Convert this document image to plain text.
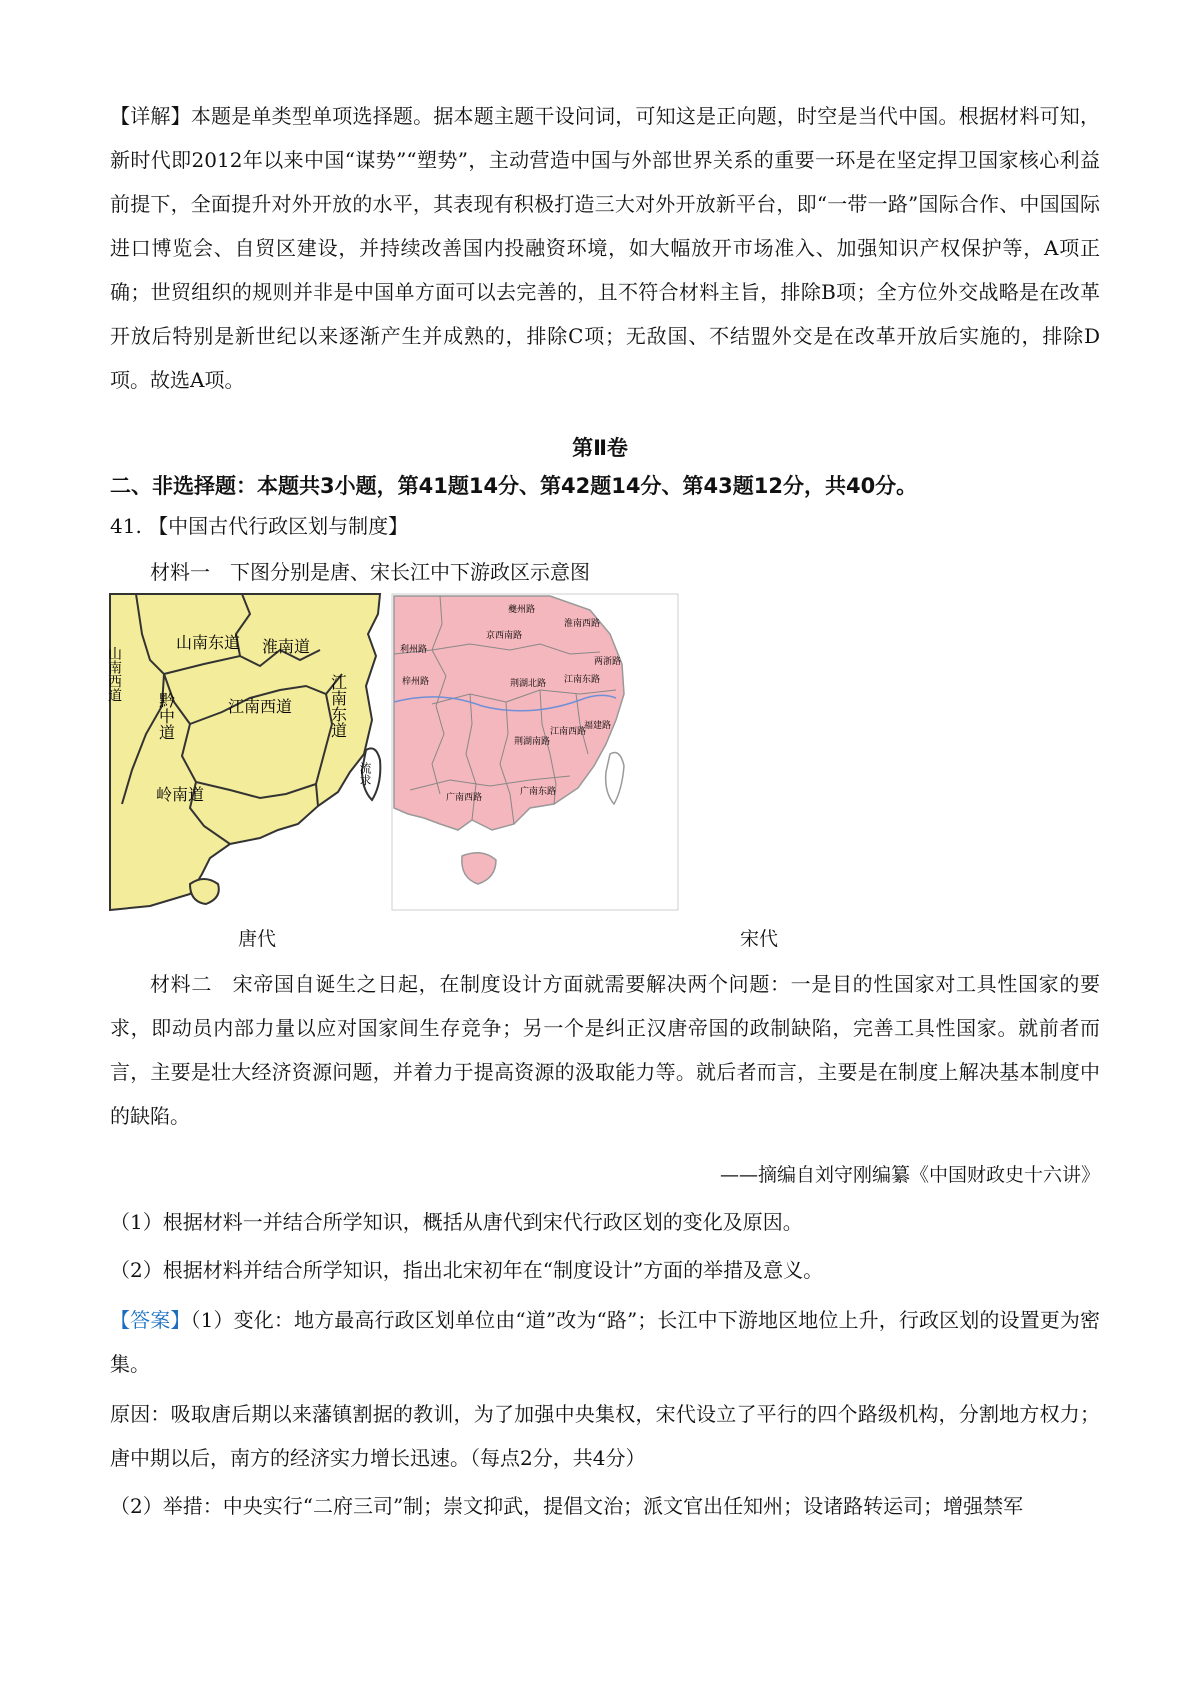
【详解】本题是单类型单项选择题。据本题主题干设问词，可知这是正向题，时空是当代中国。根据材料可知，新时代即2012年以来中国“谋势”“塑势”，主动营造中国与外部世界关系的重要一环是在坚定捍卫国家核心利益前提下，全面提升对外开放的水平，其表现有积极打造三大对外开放新平台，即“一带一路”国际合作、中国国际进口博览会、自贸区建设，并持续改善国内投融资环境，如大幅放开市场准入、加强知识产权保护等，A项正确；世贸组织的规则并非是中国单方面可以去完善的，且不符合材料主旨，排除B项；全方位外交战略是在改革开放后特别是新世纪以来逐渐产生并成熟的，排除C项；无敌国、不结盟外交是在改革开放后实施的，排除D项。故选A项。

第Ⅱ卷

二、非选择题：本题共3小题，第41题14分、第42题14分、第43题12分，共40分。

41. 【中国古代行政区划与制度】

材料一　下图分别是唐、宋长江中下游政区示意图

山南西道
山南东道 淮南道
江南东道
黔中道	江南西道
岭南道
流求
夔州路
京西南路
淮南西路
利州路
梓州路	荆湖北路 江南东路
两浙路
荆湖南路
江南西路
福建路
广南西路
广南东路
唐代	宋代

材料二　宋帝国自诞生之日起，在制度设计方面就需要解决两个问题：一是目的性国家对工具性国家的要求，即动员内部力量以应对国家间生存竞争；另一个是纠正汉唐帝国的政制缺陷，完善工具性国家。就前者而言，主要是壮大经济资源问题，并着力于提高资源的汲取能力等。就后者而言，主要是在制度上解决基本制度中的缺陷。

——摘编自刘守刚编纂《中国财政史十六讲》

（1）根据材料一并结合所学知识，概括从唐代到宋代行政区划的变化及原因。

（2）根据材料并结合所学知识，指出北宋初年在“制度设计”方面的举措及意义。

【答案】（1）变化：地方最高行政区划单位由“道”改为“路”；长江中下游地区地位上升，行政区划的设置更为密集。

原因：吸取唐后期以来藩镇割据的教训，为了加强中央集权，宋代设立了平行的四个路级机构，分割地方权力；唐中期以后，南方的经济实力增长迅速。（每点2分，共4分）

（2）举措：中央实行“二府三司”制；崇文抑武，提倡文治；派文官出任知州；设诸路转运司；增强禁军
